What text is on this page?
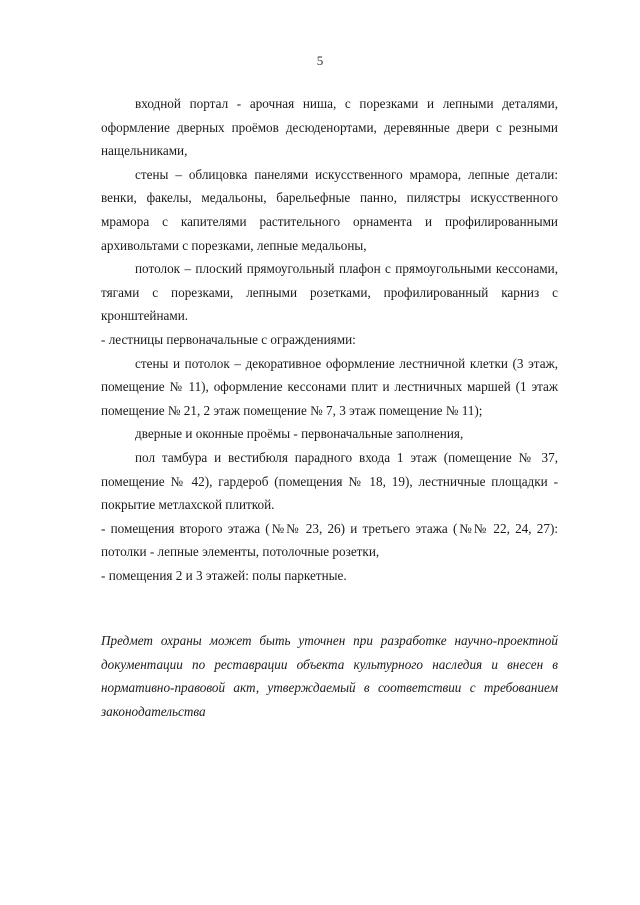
5

входной портал - арочная ниша, с порезками и лепными деталями, оформление дверных проёмов десюденортами, деревянные двери с резными нащельниками,

стены – облицовка панелями искусственного мрамора, лепные детали: венки, факелы, медальоны, барельефные панно, пилястры искусственного мрамора с капителями растительного орнамента и профилированными архивольтами с порезками, лепные медальоны,

потолок – плоский прямоугольный плафон с прямоугольными кессонами, тягами с порезками, лепными розетками, профилированный карниз с кронштейнами.

- лестницы первоначальные с ограждениями:

стены и потолок – декоративное оформление лестничной клетки (3 этаж, помещение № 11), оформление кессонами плит и лестничных маршей (1 этаж помещение № 21, 2 этаж помещение № 7, 3 этаж помещение № 11);

дверные и оконные проёмы - первоначальные заполнения,

пол тамбура и вестибюля парадного входа 1 этаж (помещение № 37, помещение № 42), гардероб (помещения № 18, 19), лестничные площадки - покрытие метлахской плиткой.

- помещения второго этажа (№№ 23, 26) и третьего этажа (№№ 22, 24, 27): потолки - лепные элементы, потолочные розетки,

- помещения 2 и 3 этажей: полы паркетные.

Предмет охраны может быть уточнен при разработке научно-проектной документации по реставрации объекта культурного наследия и внесен в нормативно-правовой акт, утверждаемый в соответствии с требованием законодательства
